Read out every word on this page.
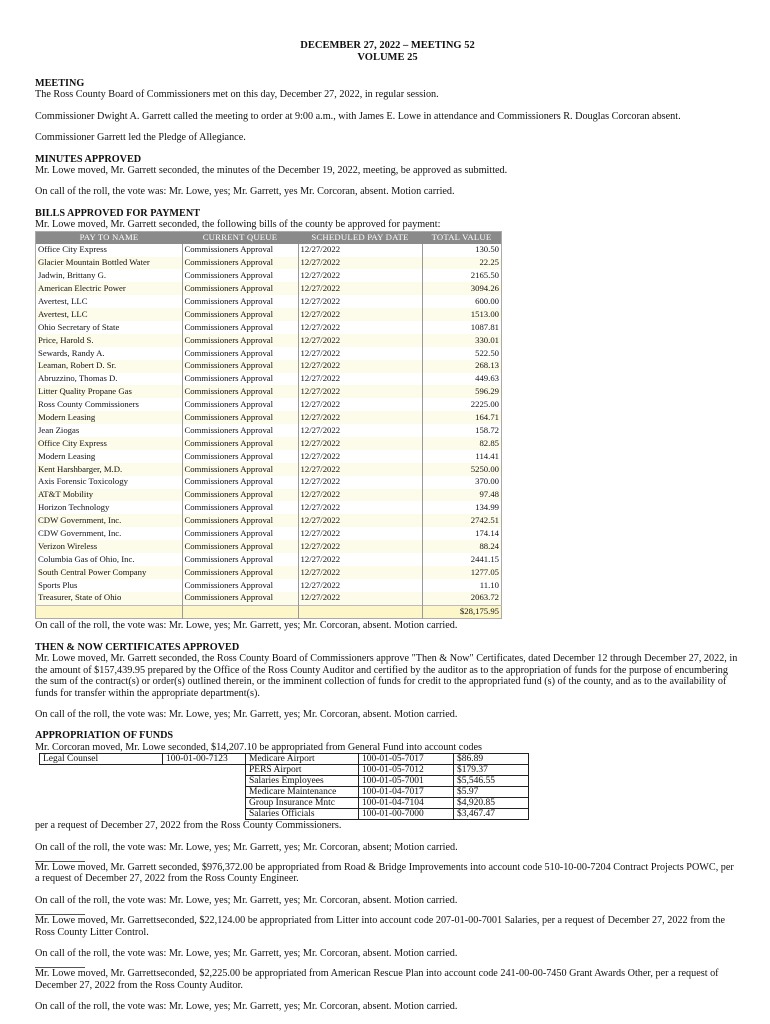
DECEMBER 27, 2022 – MEETING 52
VOLUME 25
MEETING

The Ross County Board of Commissioners met on this day, December 27, 2022, in regular session.

Commissioner Dwight A. Garrett called the meeting to order at 9:00 a.m., with James E. Lowe in attendance and Commissioners R. Douglas Corcoran absent.

Commissioner Garrett led the Pledge of Allegiance.

MINUTES APPROVED

Mr. Lowe moved, Mr. Garrett seconded, the minutes of the December 19, 2022, meeting, be approved as submitted.

On call of the roll, the vote was: Mr. Lowe, yes; Mr. Garrett, yes Mr. Corcoran, absent. Motion carried.

BILLS APPROVED FOR PAYMENT

Mr. Lowe moved, Mr. Garrett seconded, the following bills of the county be approved for payment:

PAY TO NAME	CURRENT QUEUE	SCHEDULED PAY DATE	TOTAL VALUE
Office City Express	Commissioners Approval	12/27/2022	130.50
Glacier Mountain Bottled Water	Commissioners Approval	12/27/2022	22.25
Jadwin, Brittany G.	Commissioners Approval	12/27/2022	2165.50
American Electric Power	Commissioners Approval	12/27/2022	3094.26
Avertest, LLC	Commissioners Approval	12/27/2022	600.00
Avertest, LLC	Commissioners Approval	12/27/2022	1513.00
Ohio Secretary of State	Commissioners Approval	12/27/2022	1087.81
Price, Harold S.	Commissioners Approval	12/27/2022	330.01
Sewards, Randy A.	Commissioners Approval	12/27/2022	522.50
Leaman, Robert D. Sr.	Commissioners Approval	12/27/2022	268.13
Abruzzino, Thomas D.	Commissioners Approval	12/27/2022	449.63
Litter Quality Propane Gas	Commissioners Approval	12/27/2022	596.29
Ross County Commissioners	Commissioners Approval	12/27/2022	2225.00
Modern Leasing	Commissioners Approval	12/27/2022	164.71
Jean Ziogas	Commissioners Approval	12/27/2022	158.72
Office City Express	Commissioners Approval	12/27/2022	82.85
Modern Leasing	Commissioners Approval	12/27/2022	114.41
Kent Harshbarger, M.D.	Commissioners Approval	12/27/2022	5250.00
Axis Forensic Toxicology	Commissioners Approval	12/27/2022	370.00
AT&T Mobility	Commissioners Approval	12/27/2022	97.48
Horizon Technology	Commissioners Approval	12/27/2022	134.99
CDW Government, Inc.	Commissioners Approval	12/27/2022	2742.51
CDW Government, Inc.	Commissioners Approval	12/27/2022	174.14
Verizon Wireless	Commissioners Approval	12/27/2022	88.24
Columbia Gas of Ohio, Inc.	Commissioners Approval	12/27/2022	2441.15
South Central Power Company	Commissioners Approval	12/27/2022	1277.05
Sports Plus	Commissioners Approval	12/27/2022	11.10
Treasurer, State of Ohio	Commissioners Approval	12/27/2022	2063.72
			$28,175.95

On call of the roll, the vote was: Mr. Lowe, yes; Mr. Garrett, yes; Mr. Corcoran, absent. Motion carried.

THEN & NOW CERTIFICATES APPROVED

Mr. Lowe moved, Mr. Garrett seconded, the Ross County Board of Commissioners approve "Then & Now" Certificates, dated December 12 through December 27, 2022, in the amount of $157,439.95 prepared by the Office of the Ross County Auditor and certified by the auditor as to the appropriation of funds for the purpose of encumbering the sum of the contract(s) or order(s) outlined therein, or the imminent collection of funds for credit to the appropriated fund (s) of the county, and as to the availability of funds for transfer within the appropriate department(s).

On call of the roll, the vote was: Mr. Lowe, yes; Mr. Garrett, yes; Mr. Corcoran, absent. Motion carried.

APPROPRIATION OF FUNDS

Mr. Corcoran moved, Mr. Lowe seconded, $14,207.10 be appropriated from General Fund into account codes

Legal Counsel	100-01-00-7123	Medicare Airport	100-01-05-7017	$86.89
		PERS Airport	100-01-05-7012	$179.37
		Salaries Employees	100-01-05-7001	$5,546.55
		Medicare Maintenance	100-01-04-7017	$5.97
		Group Insurance Mntc	100-01-04-7104	$4,920.85
		Salaries Officials	100-01-00-7000	$3,467.47

per a request of December 27, 2022 from the Ross County Commissioners.

On call of the roll, the vote was: Mr. Lowe, yes; Mr. Garrett, yes; Mr. Corcoran, absent; Motion carried.

Mr. Lowe moved, Mr. Garrett seconded, $976,372.00 be appropriated from Road & Bridge Improvements into account code 510-10-00-7204 Contract Projects POWC, per a request of December 27, 2022 from the Ross County Engineer.

On call of the roll, the vote was: Mr. Lowe, yes; Mr. Garrett, yes; Mr. Corcoran, absent. Motion carried.

Mr. Lowe moved, Mr. Garrettseconded, $22,124.00 be appropriated from Litter into account code 207-01-00-7001 Salaries, per a request of December 27, 2022 from the Ross County Litter Control.

On call of the roll, the vote was: Mr. Lowe, yes; Mr. Garrett, yes; Mr. Corcoran, absent. Motion carried.

Mr. Lowe moved, Mr. Garrettseconded, $2,225.00 be appropriated from American Rescue Plan into account code 241-00-00-7450 Grant Awards Other, per a request of December 27, 2022 from the Ross County Auditor.

On call of the roll, the vote was: Mr. Lowe, yes; Mr. Garrett, yes; Mr. Corcoran, absent. Motion carried.
